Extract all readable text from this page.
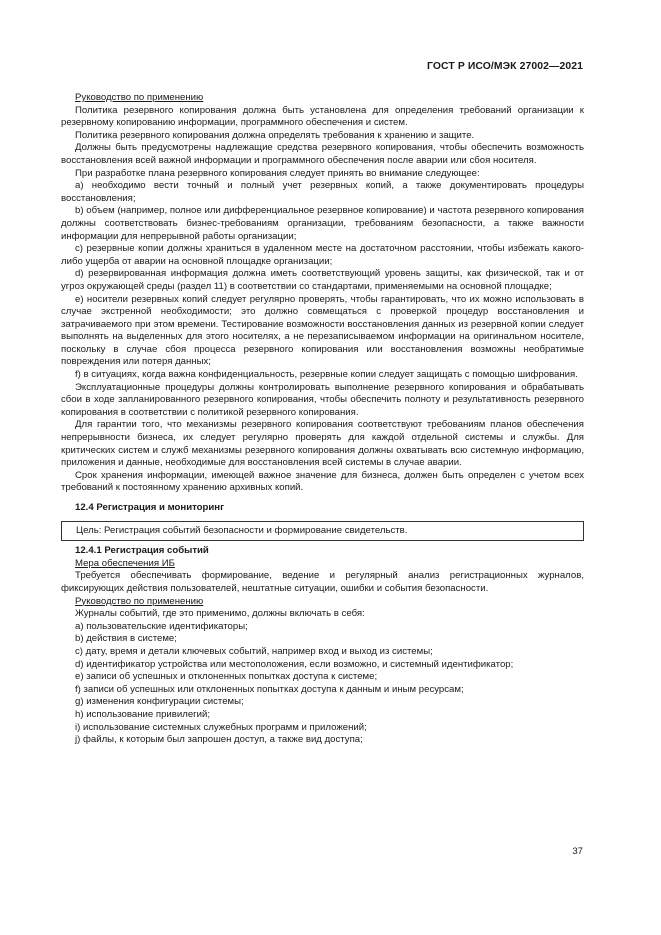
ГОСТ Р ИСО/МЭК 27002—2021

Руководство по применению

Политика резервного копирования должна быть установлена для определения требований организации к резервному копированию информации, программного обеспечения и систем.

Политика резервного копирования должна определять требования к хранению и защите.

Должны быть предусмотрены надлежащие средства резервного копирования, чтобы обеспечить возможность восстановления всей важной информации и программного обеспечения после аварии или сбоя носителя.

При разработке плана резервного копирования следует принять во внимание следующее:

а) необходимо вести точный и полный учет резервных копий, а также документировать процедуры восстановления;

b) объем (например, полное или дифференциальное резервное копирование) и частота резервного копирования должны соответствовать бизнес-требованиям организации, требованиям безопасности, а также важности информации для непрерывной работы организации;

c) резервные копии должны храниться в удаленном месте на достаточном расстоянии, чтобы избежать какого-либо ущерба от аварии на основной площадке организации;

d) резервированная информация должна иметь соответствующий уровень защиты, как физической, так и от угроз окружающей среды (раздел 11) в соответствии со стандартами, применяемыми на основной площадке;

e) носители резервных копий следует регулярно проверять, чтобы гарантировать, что их можно использовать в случае экстренной необходимости; это должно совмещаться с проверкой процедур восстановления и затрачиваемого при этом времени. Тестирование возможности восстановления данных из резервной копии следует выполнять на выделенных для этого носителях, а не перезаписываемом информации на оригинальном носителе, поскольку в случае сбоя процесса резервного копирования или восстановления возможны необратимые повреждения или потеря данных;

f) в ситуациях, когда важна конфиденциальность, резервные копии следует защищать с помощью шифрования.

Эксплуатационные процедуры должны контролировать выполнение резервного копирования и обрабатывать сбои в ходе запланированного резервного копирования, чтобы обеспечить полноту и результативность резервного копирования в соответствии с политикой резервного копирования.

Для гарантии того, что механизмы резервного копирования соответствуют требованиям планов обеспечения непрерывности бизнеса, их следует регулярно проверять для каждой отдельной системы и службы. Для критических систем и служб механизмы резервного копирования должны охватывать всю системную информацию, приложения и данные, необходимые для восстановления всей системы в случае аварии.

Срок хранения информации, имеющей важное значение для бизнеса, должен быть определен с учетом всех требований к постоянному хранению архивных копий.

12.4 Регистрация и мониторинг

Цель: Регистрация событий безопасности и формирование свидетельств.

12.4.1 Регистрация событий

Мера обеспечения ИБ

Требуется обеспечивать формирование, ведение и регулярный анализ регистрационных журналов, фиксирующих действия пользователей, нештатные ситуации, ошибки и события безопасности.

Руководство по применению

Журналы событий, где это применимо, должны включать в себя:

а) пользовательские идентификаторы;

b) действия в системе;

c) дату, время и детали ключевых событий, например вход и выход из системы;

d) идентификатор устройства или местоположения, если возможно, и системный идентификатор;

e) записи об успешных и отклоненных попытках доступа к системе;

f) записи об успешных или отклоненных попытках доступа к данным и иным ресурсам;

g) изменения конфигурации системы;

h) использование привилегий;

i) использование системных служебных программ и приложений;

j) файлы, к которым был запрошен доступ, а также вид доступа;

37
